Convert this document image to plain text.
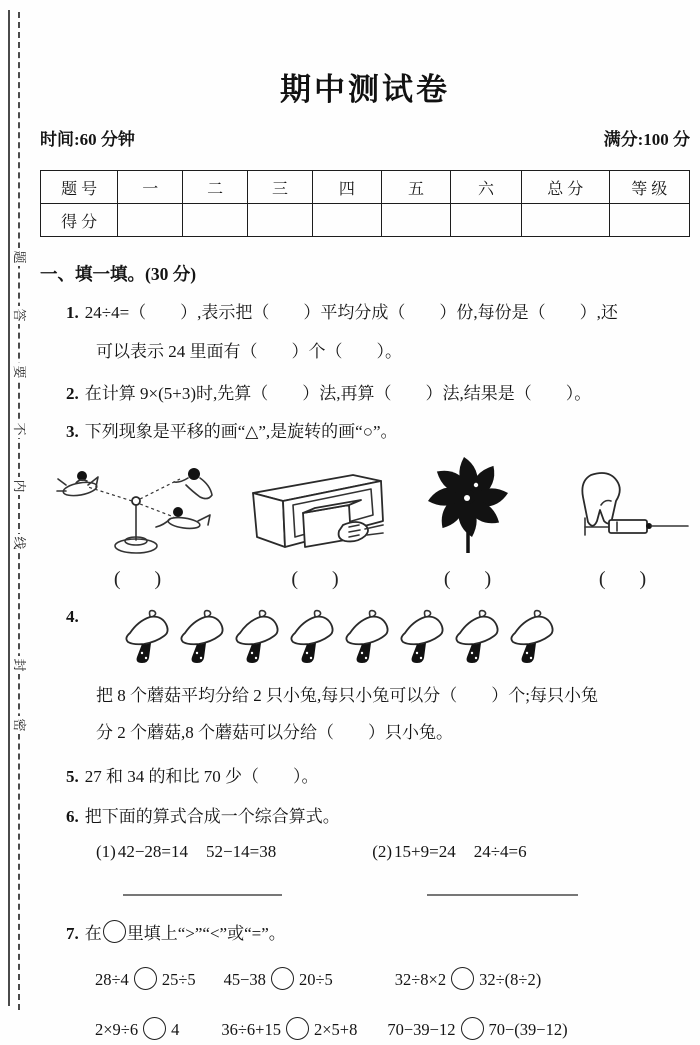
题
答
要
不
内
线
封
密
期中测试卷
时间:60 分钟	满分:100 分
题 号	一	二	三	四	五	六	总 分	等 级
得 分								
一、填一填。(30 分)
1. 24÷4=（　　）,表示把（　　）平均分成（　　）份,每份是（　　）,还
可以表示 24 里面有（　　）个（　　）。
2. 在计算 9×(5+3)时,先算（　　）法,再算（　　）法,结果是（　　）。
3. 下列现象是平移的画“△”,是旋转的画“○”。
( )	( )	( )	( )
4.
把 8 个蘑菇平均分给 2 只小兔,每只小兔可以分（　　）个;每只小兔
分 2 个蘑菇,8 个蘑菇可以分给（　　）只小兔。
5. 27 和 34 的和比 70 少（　　）。
6. 把下面的算式合成一个综合算式。
(1) 42−28=14 52−14=38	(2) 15+9=24 24÷4=6
7. 在 里填上“>”“<”或“=”。
28÷4 25÷5 45−38 20÷5	32÷8×2 32÷(8÷2)
2×9÷6 4	36÷6+15 2×5+8 70−39−12 70−(39−12)
